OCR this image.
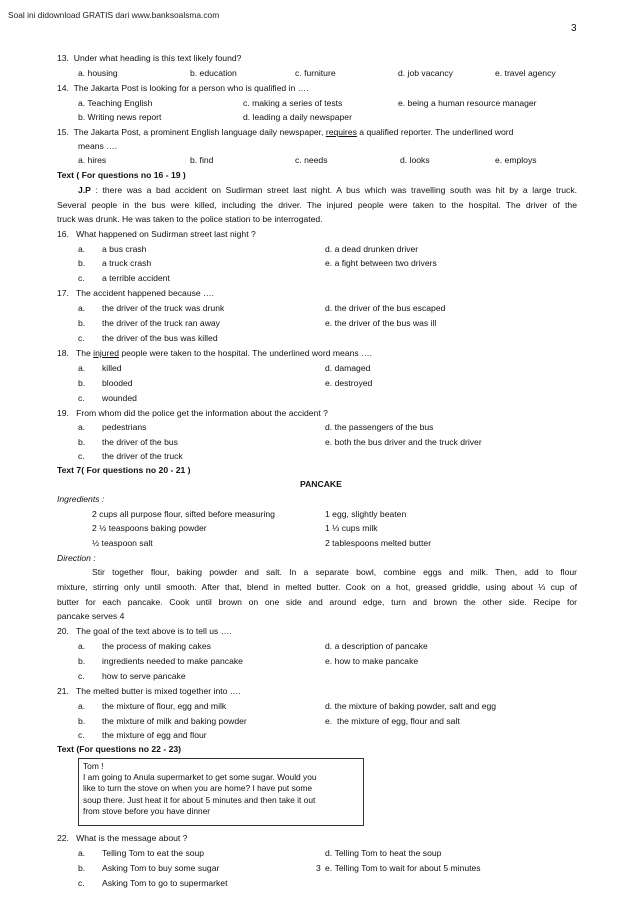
Soal ini didownload GRATIS dari www.banksoalsma.com
3
13. Under what heading is this text likely found?
a. housing	b. education	c. furniture	d. job vacancy	e. travel agency
14. The Jakarta Post is looking for a person who is qualified in ….
a. Teaching English	c. making a series of tests	e. being a human resource manager
b. Writing news report	d. leading a daily newspaper
15. The Jakarta Post, a prominent English language daily newspaper, requires a qualified reporter. The underlined word
means ….
a. hires	b. find	c. needs	d. looks	e. employs
Text ( For questions no 16 - 19 )
J.P : there was a bad accident on Sudirman street last night. A bus which was travelling south was hit by a large truck.
Several people in the bus were killed, including the driver. The injured people were taken to the hospital. The driver of the
truck was drunk. He was taken to the police station to be interrogated.
16. What happened on Sudirman street last night ?
a. a bus crash	d. a dead drunken driver
b. a truck crash	e. a fight between two drivers
c. a terrible accident
17. The accident happened because ….
a. the driver of the truck was drunk	d. the driver of the bus escaped
b. the driver of the truck ran away	e. the driver of the bus was ill
c. the driver of the bus was killed
18. The injured people were taken to the hospital. The underlined word means ….
a. killed	d. damaged
b. blooded	e. destroyed
c. wounded
19. From whom did the police get the information about the accident ?
a. pedestrians	d. the passengers of the bus
b. the driver of the bus	e. both the bus driver and the truck driver
c. the driver of the truck
Text 7( For questions no 20 - 21 )
PANCAKE
Ingredients :
2 cups all purpose flour, sifted before measuring	1 egg, slightly beaten
2 ½ teaspoons baking powder	1 ⅓ cups milk
½ teaspoon salt	2 tablespoons melted butter
Direction :
Stir together flour, baking powder and salt. In a separate bowl, combine eggs and milk. Then, add to flour
mixture, stirring only until smooth. After that, blend in melted butter. Cook on a hot, greased griddle, using about ⅓ cup of
butter for each pancake. Cook until brown on one side and around edge, turn and brown the other side. Recipe for
pancake serves 4
20. The goal of the text above is to tell us ….
a. the process of making cakes	d. a description of pancake
b. ingredients needed to make pancake	e. how to make pancake
c. how to serve pancake
21. The melted butter is mixed together into ….
a. the mixture of flour, egg and milk	d. the mixture of baking powder, salt and egg
b. the mixture of milk and baking powder	e.  the mixture of egg, flour and salt
c. the mixture of egg and flour
Text (For questions no 22 - 23)
Tom !
I am going to Anula supermarket to get some sugar. Would you
like to turn the stove on when you are home? I have put some
soup there. Just heat it for about 5 minutes and then take it out
from stove before you have dinner
22. What is the message about ?
a. Telling Tom to eat the soup	d. Telling Tom to heat the soup
b. Asking Tom to buy some sugar	3 e. Telling Tom to wait for about 5 minutes
c. Asking Tom to go to supermarket
